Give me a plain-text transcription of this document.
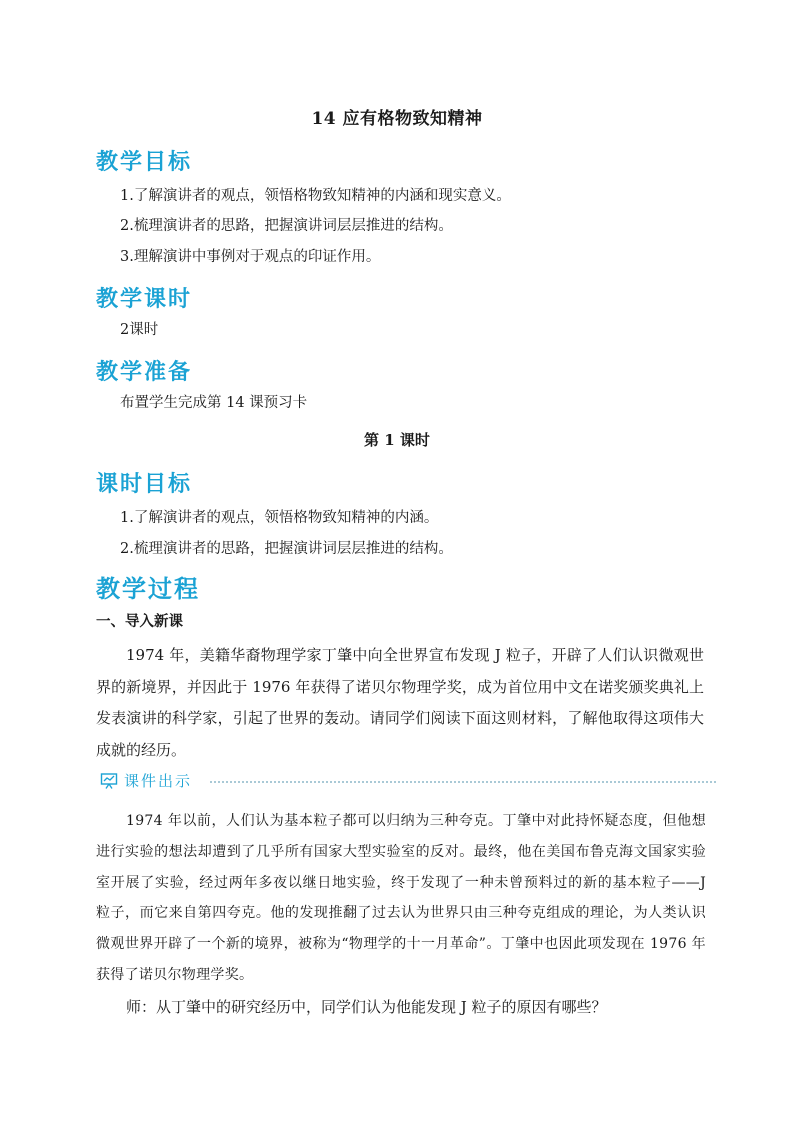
14 应有格物致知精神
教学目标
1.了解演讲者的观点，领悟格物致知精神的内涵和现实意义。
2.梳理演讲者的思路，把握演讲词层层推进的结构。
3.理解演讲中事例对于观点的印证作用。
教学课时
2课时
教学准备
布置学生完成第 14 课预习卡
第 1 课时
课时目标
1.了解演讲者的观点，领悟格物致知精神的内涵。
2.梳理演讲者的思路，把握演讲词层层推进的结构。
教学过程
一、导入新课
1974 年，美籍华裔物理学家丁肇中向全世界宣布发现 J 粒子，开辟了人们认识微观世界的新境界，并因此于 1976 年获得了诺贝尔物理学奖，成为首位用中文在诺奖颁奖典礼上发表演讲的科学家，引起了世界的轰动。请同学们阅读下面这则材料，了解他取得这项伟大成就的经历。
课件出示
1974 年以前，人们认为基本粒子都可以归纳为三种夸克。丁肇中对此持怀疑态度，但他想进行实验的想法却遭到了几乎所有国家大型实验室的反对。最终，他在美国布鲁克海文国家实验室开展了实验，经过两年多夜以继日地实验，终于发现了一种未曾预料过的新的基本粒子——J 粒子，而它来自第四夸克。他的发现推翻了过去认为世界只由三种夸克组成的理论，为人类认识微观世界开辟了一个新的境界，被称为“物理学的十一月革命”。丁肇中也因此项发现在 1976 年获得了诺贝尔物理学奖。
师：从丁肇中的研究经历中，同学们认为他能发现 J 粒子的原因有哪些？
